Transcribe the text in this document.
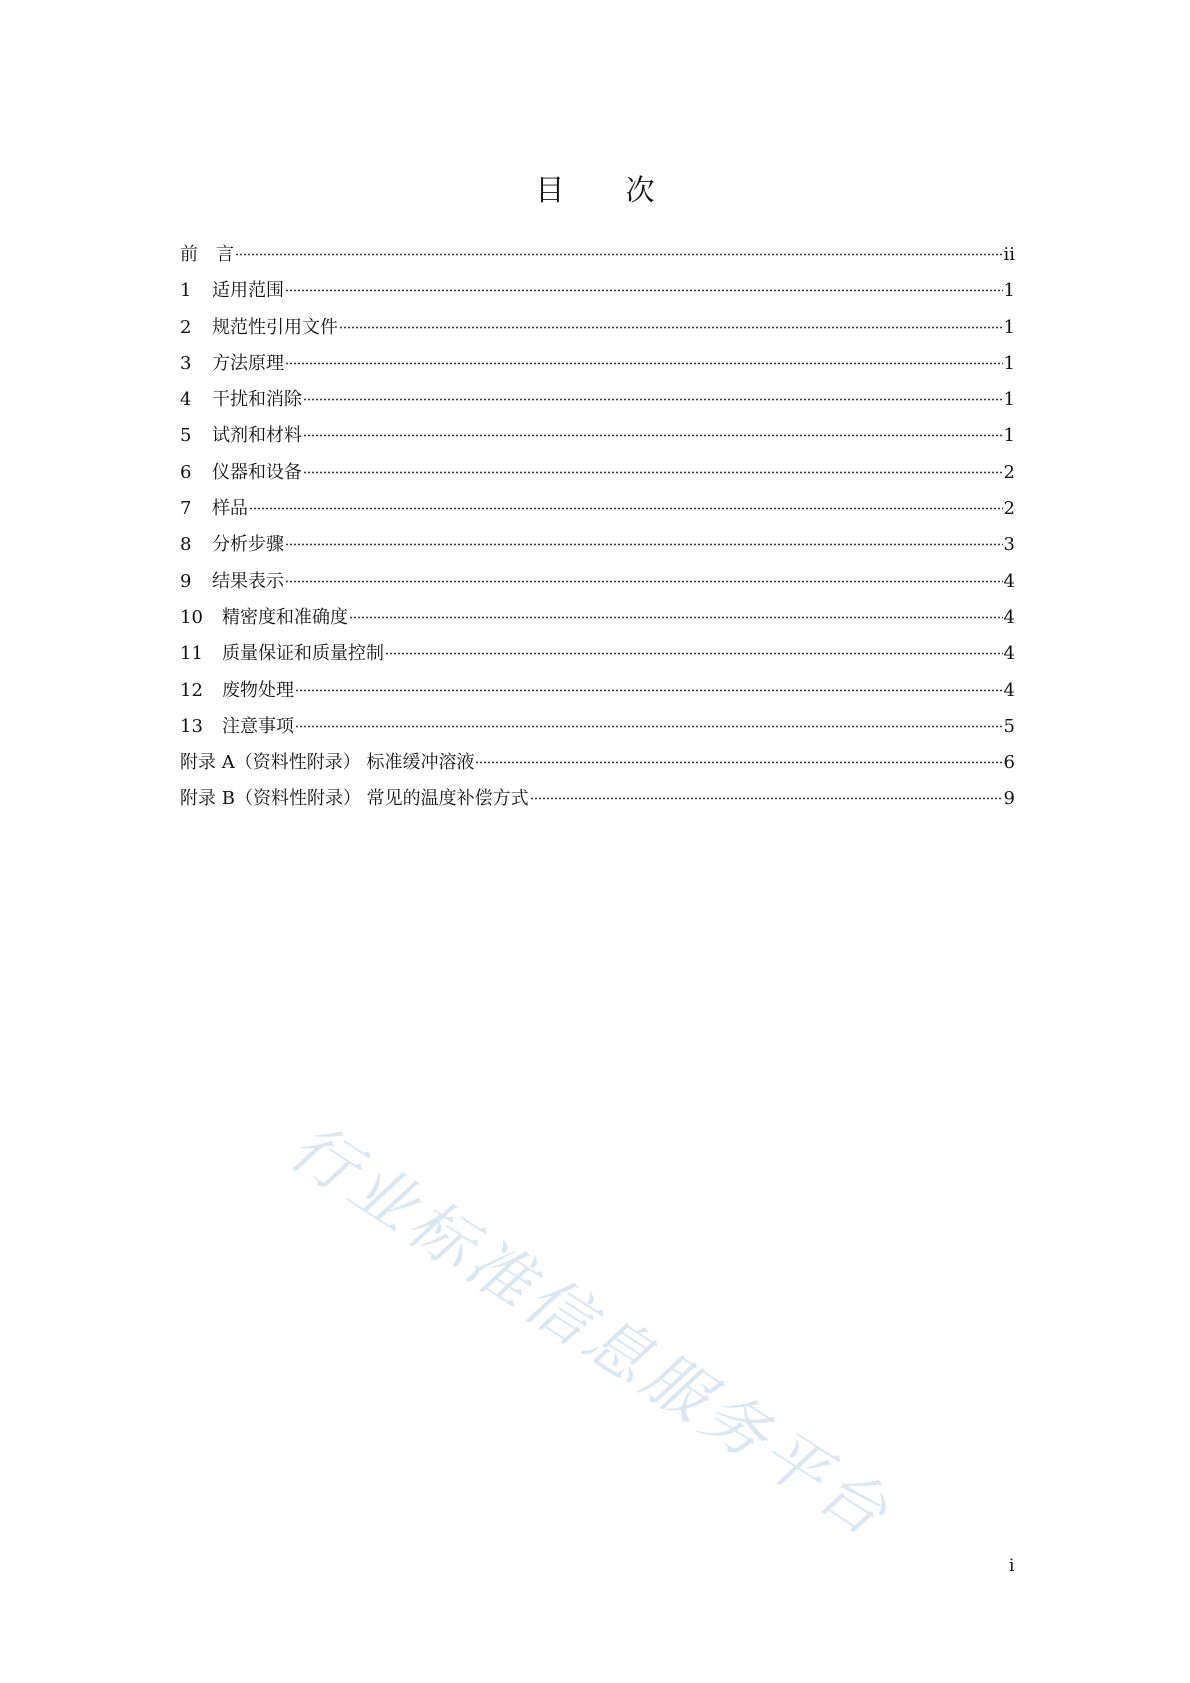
目 次
前　言	ii
1	适用范围	1
2	规范性引用文件	1
3	方法原理	1
4	干扰和消除	1
5	试剂和材料	1
6	仪器和设备	2
7	样品	2
8	分析步骤	3
9	结果表示	4
10	精密度和准确度	4
11	质量保证和质量控制	4
12	废物处理	4
13	注意事项	5
附录 A（资料性附录） 标准缓冲溶液	6
附录 B（资料性附录） 常见的温度补偿方式	9
行业标准信息服务平台
i
